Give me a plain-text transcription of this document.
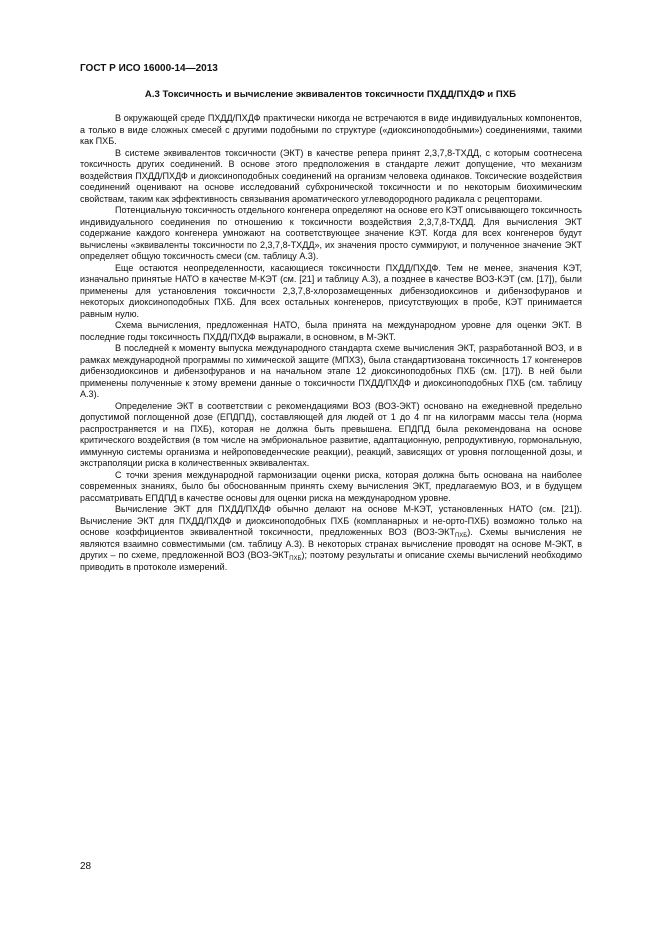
ГОСТ Р ИСО 16000-14—2013
А.3 Токсичность и вычисление эквивалентов токсичности ПХДД/ПХДФ и ПХБ

В окружающей среде ПХДД/ПХДФ практически никогда не встречаются в виде индивидуальных компонентов, а только в виде сложных смесей с другими подобными по структуре («диоксиноподобными») соединениями, такими как ПХБ.

В системе эквивалентов токсичности (ЭКТ) в качестве репера принят 2,3,7,8-ТХДД, с которым соотнесена токсичность других соединений. В основе этого предположения в стандарте лежит допущение, что механизм воздействия ПХДД/ПХДФ и диоксиноподобных соединений на организм человека одинаков. Токсические воздействия соединений оценивают на основе исследований субхронической токсичности и по некоторым биохимическим свойствам, таким как эффективность связывания ароматического углеводородного радикала с рецепторами.

Потенциальную токсичность отдельного конгенера определяют на основе его КЭТ описывающего токсичность индивидуального соединения по отношению к токсичности воздействия 2,3,7,8-ТХДД. Для вычисления ЭКТ содержание каждого конгенера умножают на соответствующее значение КЭТ. Когда для всех конгенеров будут вычислены «эквиваленты токсичности по 2,3,7,8-ТХДД», их значения просто суммируют, и полученное значение ЭКТ определяет общую токсичность смеси (см. таблицу А.3).

Еще остаются неопределенности, касающиеся токсичности ПХДД/ПХДФ. Тем не менее, значения КЭТ, изначально принятые НАТО в качестве М-КЭТ (см. [21] и таблицу А.3), а позднее в качестве ВОЗ-КЭТ (см. [17]), были применены для установления токсичности 2,3,7,8-хлорозамещенных дибензодиоксинов и дибензофуранов и некоторых диоксиноподобных ПХБ. Для всех остальных конгенеров, присутствующих в пробе, КЭТ принимается равным нулю.

Схема вычисления, предложенная НАТО, была принята на международном уровне для оценки ЭКТ. В последние годы токсичность ПХДД/ПХДФ выражали, в основном, в М-ЭКТ.

В последней к моменту выпуска международного стандарта схеме вычисления ЭКТ, разработанной ВОЗ, и в рамках международной программы по химической защите (МПХЗ), была стандартизована токсичность 17 конгенеров дибензодиоксинов и дибензофуранов и на начальном этапе 12 диоксиноподобных ПХБ (см. [17]). В ней были применены полученные к этому времени данные о токсичности ПХДД/ПХДФ и диоксиноподобных ПХБ (см. таблицу А.3).

Определение ЭКТ в соответствии с рекомендациями ВОЗ (ВОЗ-ЭКТ) основано на ежедневной предельно допустимой поглощенной дозе (ЕПДПД), составляющей для людей от 1 до 4 пг на килограмм массы тела (норма распространяется и на ПХБ), которая не должна быть превышена. ЕПДПД была рекомендована на основе критического воздействия (в том числе на эмбриональное развитие, адаптационную, репродуктивную, гормональную, иммунную системы организма и нейроповеденческие реакции), реакций, зависящих от уровня поглощенной дозы, и экстраполяции риска в количественных эквивалентах.

С точки зрения международной гармонизации оценки риска, которая должна быть основана на наиболее современных знаниях, было бы обоснованным принять схему вычисления ЭКТ, предлагаемую ВОЗ, и в будущем рассматривать ЕПДПД в качестве основы для оценки риска на международном уровне.

Вычисление ЭКТ для ПХДД/ПХДФ обычно делают на основе М-КЭТ, установленных НАТО (см. [21]). Вычисление ЭКТ для ПХДД/ПХДФ и диоксиноподобных ПХБ (компланарных и не-орто-ПХБ) возможно только на основе коэффициентов эквивалентной токсичности, предложенных ВОЗ $(ВОЗ-ЭКТ_{ПХБ})$. Схемы вычисления не являются взаимно совместимыми (см. таблицу А.3). В некоторых странах вычисление проводят на основе М-ЭКТ, в других – по схеме, предложенной ВОЗ $(ВОЗ-ЭКТ_{ПХБ})$; поэтому результаты и описание схемы вычислений необходимо приводить в протоколе измерений.

28
